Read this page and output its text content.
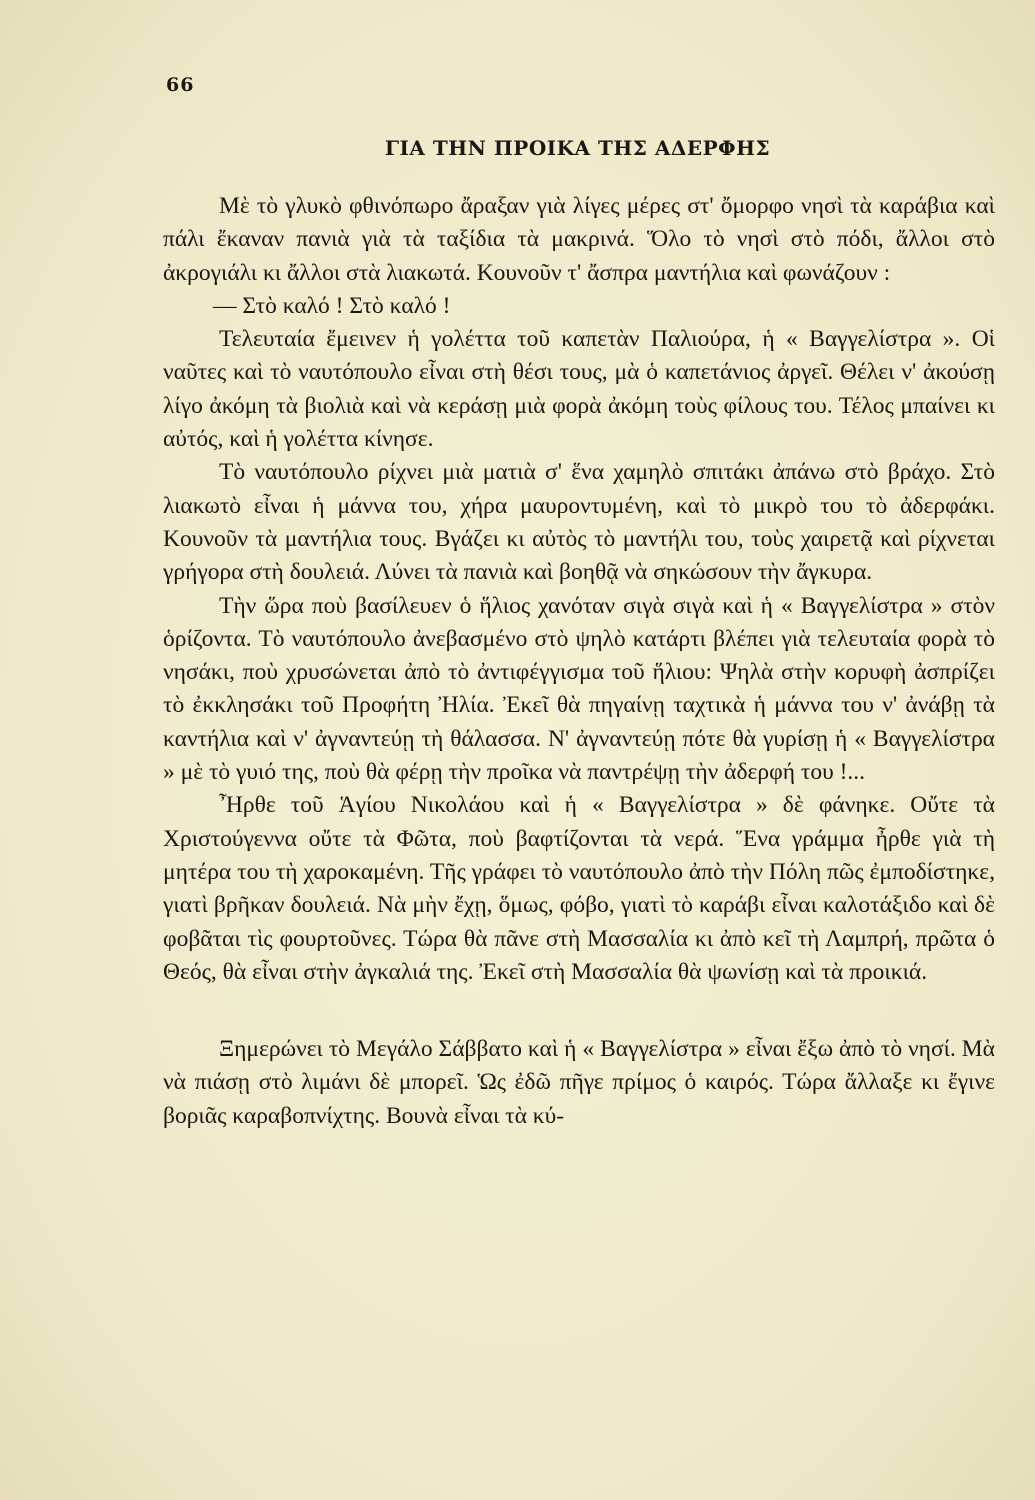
66
ΓΙΑ ΤΗΝ ΠΡΟΙΚΑ ΤΗΣ ΑΔΕΡΦΗΣ

Μὲ τὸ γλυκὸ φθινόπωρο ἄραξαν γιὰ λίγες μέρες στ' ὄμορφο νησὶ τὰ καράβια καὶ πάλι ἔκαναν πανιὰ γιὰ τὰ ταξίδια τὰ μακρινά. Ὅλο τὸ νησὶ στὸ πόδι, ἄλλοι στὸ ἀκρογιάλι κι ἄλλοι στὰ λιακωτά. Κουνοῦν τ' ἄσπρα μαντήλια καὶ φωνάζουν :

— Στὸ καλό ! Στὸ καλό !

Τελευταία ἔμεινεν ἡ γολέττα τοῦ καπετὰν Παλιούρα, ἡ « Βαγγελίστρα ». Οἱ ναῦτες καὶ τὸ ναυτόπουλο εἶναι στὴ θέσι τους, μὰ ὁ καπετάνιος ἀργεῖ. Θέλει ν' ἀκούσῃ λίγο ἀκόμη τὰ βιολιὰ καὶ νὰ κεράσῃ μιὰ φορὰ ἀκόμη τοὺς φίλους του. Τέλος μπαίνει κι αὐτός, καὶ ἡ γολέττα κίνησε.

Τὸ ναυτόπουλο ρίχνει μιὰ ματιὰ σ' ἕνα χαμηλὸ σπιτάκι ἀπάνω στὸ βράχο. Στὸ λιακωτὸ εἶναι ἡ μάννα του, χήρα μαυροντυμένη, καὶ τὸ μικρὸ του τὸ ἀδερφάκι. Κουνοῦν τὰ μαντήλια τους. Βγάζει κι αὐτὸς τὸ μαντήλι του, τοὺς χαιρετᾷ καὶ ρίχνεται γρήγορα στὴ δουλειά. Λύνει τὰ πανιὰ καὶ βοηθᾷ νὰ σηκώσουν τὴν ἄγκυρα.

Τὴν ὥρα ποὺ βασίλευεν ὁ ἥλιος χανόταν σιγὰ σιγὰ καὶ ἡ « Βαγγελίστρα » στὸν ὁρίζοντα. Τὸ ναυτόπουλο ἀνεβασμένο στὸ ψηλὸ κατάρτι βλέπει γιὰ τελευταία φορὰ τὸ νησάκι, ποὺ χρυσώνεται ἀπὸ τὸ ἀντιφέγγισμα τοῦ ἥλιου: Ψηλὰ στὴν κορυφὴ ἀσπρίζει τὸ ἐκκλησάκι τοῦ Προφήτη Ἠλία. Ἐκεῖ θὰ πηγαίνῃ ταχτικὰ ἡ μάννα του ν' ἀνάβῃ τὰ καντήλια καὶ ν' ἀγναντεύῃ τὴ θάλασσα. Ν' ἀγναντεύῃ πότε θὰ γυρίσῃ ἡ « Βαγγελίστρα » μὲ τὸ γυιό της, ποὺ θὰ φέρῃ τὴν προῖκα νὰ παντρέψῃ τὴν ἀδερφή του !...

Ἦρθε τοῦ Ἁγίου Νικολάου καὶ ἡ « Βαγγελίστρα » δὲ φάνηκε. Οὔτε τὰ Χριστούγεννα οὔτε τὰ Φῶτα, ποὺ βαφτίζονται τὰ νερά. Ἕνα γράμμα ἦρθε γιὰ τὴ μητέρα του τὴ χαροκαμένη. Τῆς γράφει τὸ ναυτόπουλο ἀπὸ τὴν Πόλη πῶς ἐμποδίστηκε, γιατὶ βρῆκαν δουλειά. Νὰ μὴν ἔχῃ, ὅμως, φόβο, γιατὶ τὸ καράβι εἶναι καλοτάξιδο καὶ δὲ φοβᾶται τὶς φουρτοῦνες. Τώρα θὰ πᾶνε στὴ Μασσαλία κι ἀπὸ κεῖ τὴ Λαμπρή, πρῶτα ὁ Θεός, θὰ εἶναι στὴν ἀγκαλιά της. Ἐκεῖ στὴ Μασσαλία θὰ ψωνίσῃ καὶ τὰ προικιά.

Ξημερώνει τὸ Μεγάλο Σάββατο καὶ ἡ « Βαγγελίστρα » εἶναι ἔξω ἀπὸ τὸ νησί. Μὰ νὰ πιάσῃ στὸ λιμάνι δὲ μπορεῖ. Ὡς ἐδῶ πῆγε πρίμος ὁ καιρός. Τώρα ἄλλαξε κι ἔγινε βοριᾶς καραβοπνίχτης. Βουνὰ εἶναι τὰ κύ-
